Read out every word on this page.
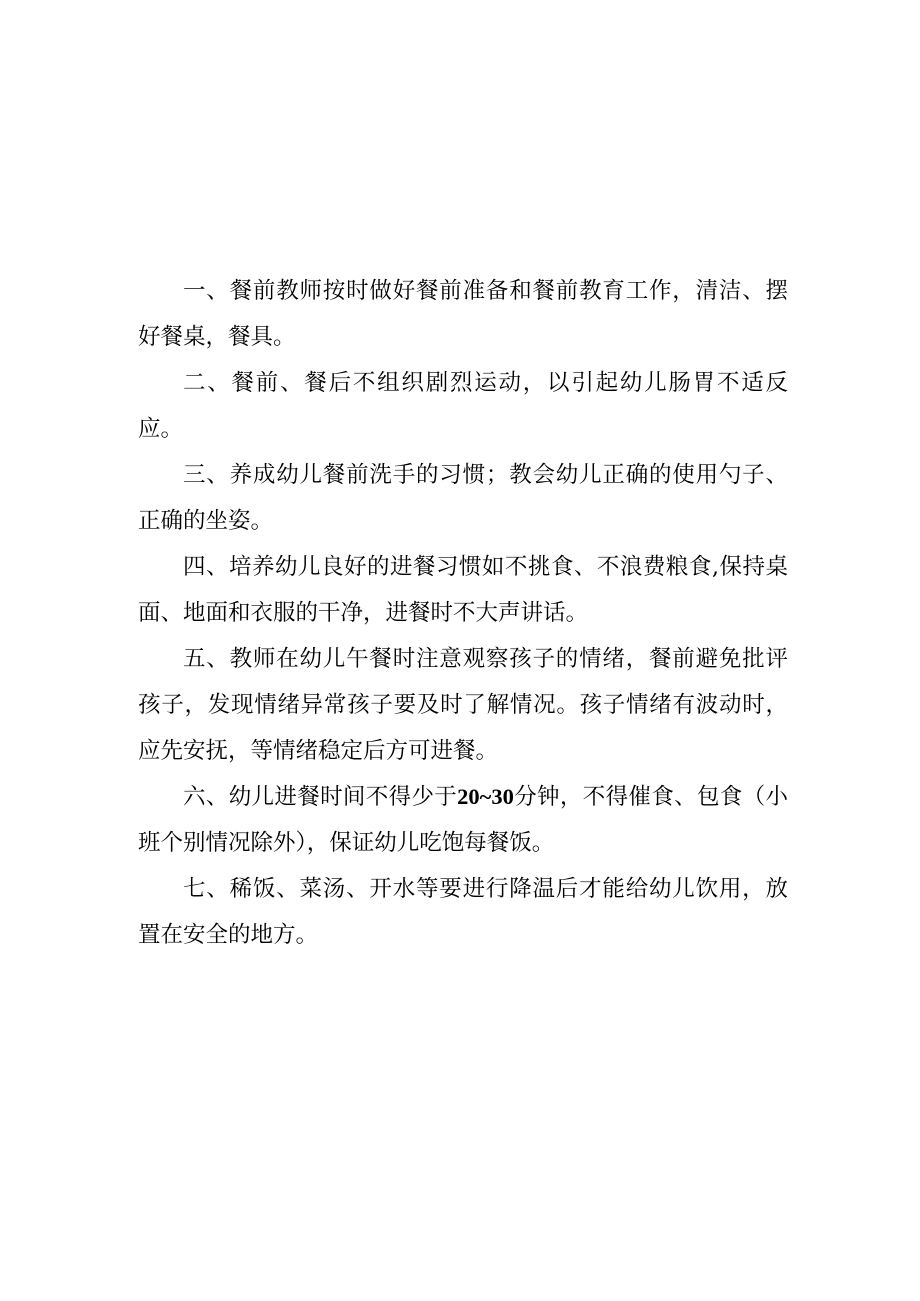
一、餐前教师按时做好餐前准备和餐前教育工作，清洁、摆好餐桌，餐具。

二、餐前、餐后不组织剧烈运动，以引起幼儿肠胃不适反应。

三、养成幼儿餐前洗手的习惯；教会幼儿正确的使用勺子、正确的坐姿。

四、培养幼儿良好的进餐习惯如不挑食、不浪费粮食,保持桌面、地面和衣服的干净，进餐时不大声讲话。

五、教师在幼儿午餐时注意观察孩子的情绪，餐前避免批评孩子，发现情绪异常孩子要及时了解情况。孩子情绪有波动时，应先安抚，等情绪稳定后方可进餐。

六、幼儿进餐时间不得少于20~30分钟，不得催食、包食（小班个别情况除外），保证幼儿吃饱每餐饭。

七、稀饭、菜汤、开水等要进行降温后才能给幼儿饮用，放置在安全的地方。
